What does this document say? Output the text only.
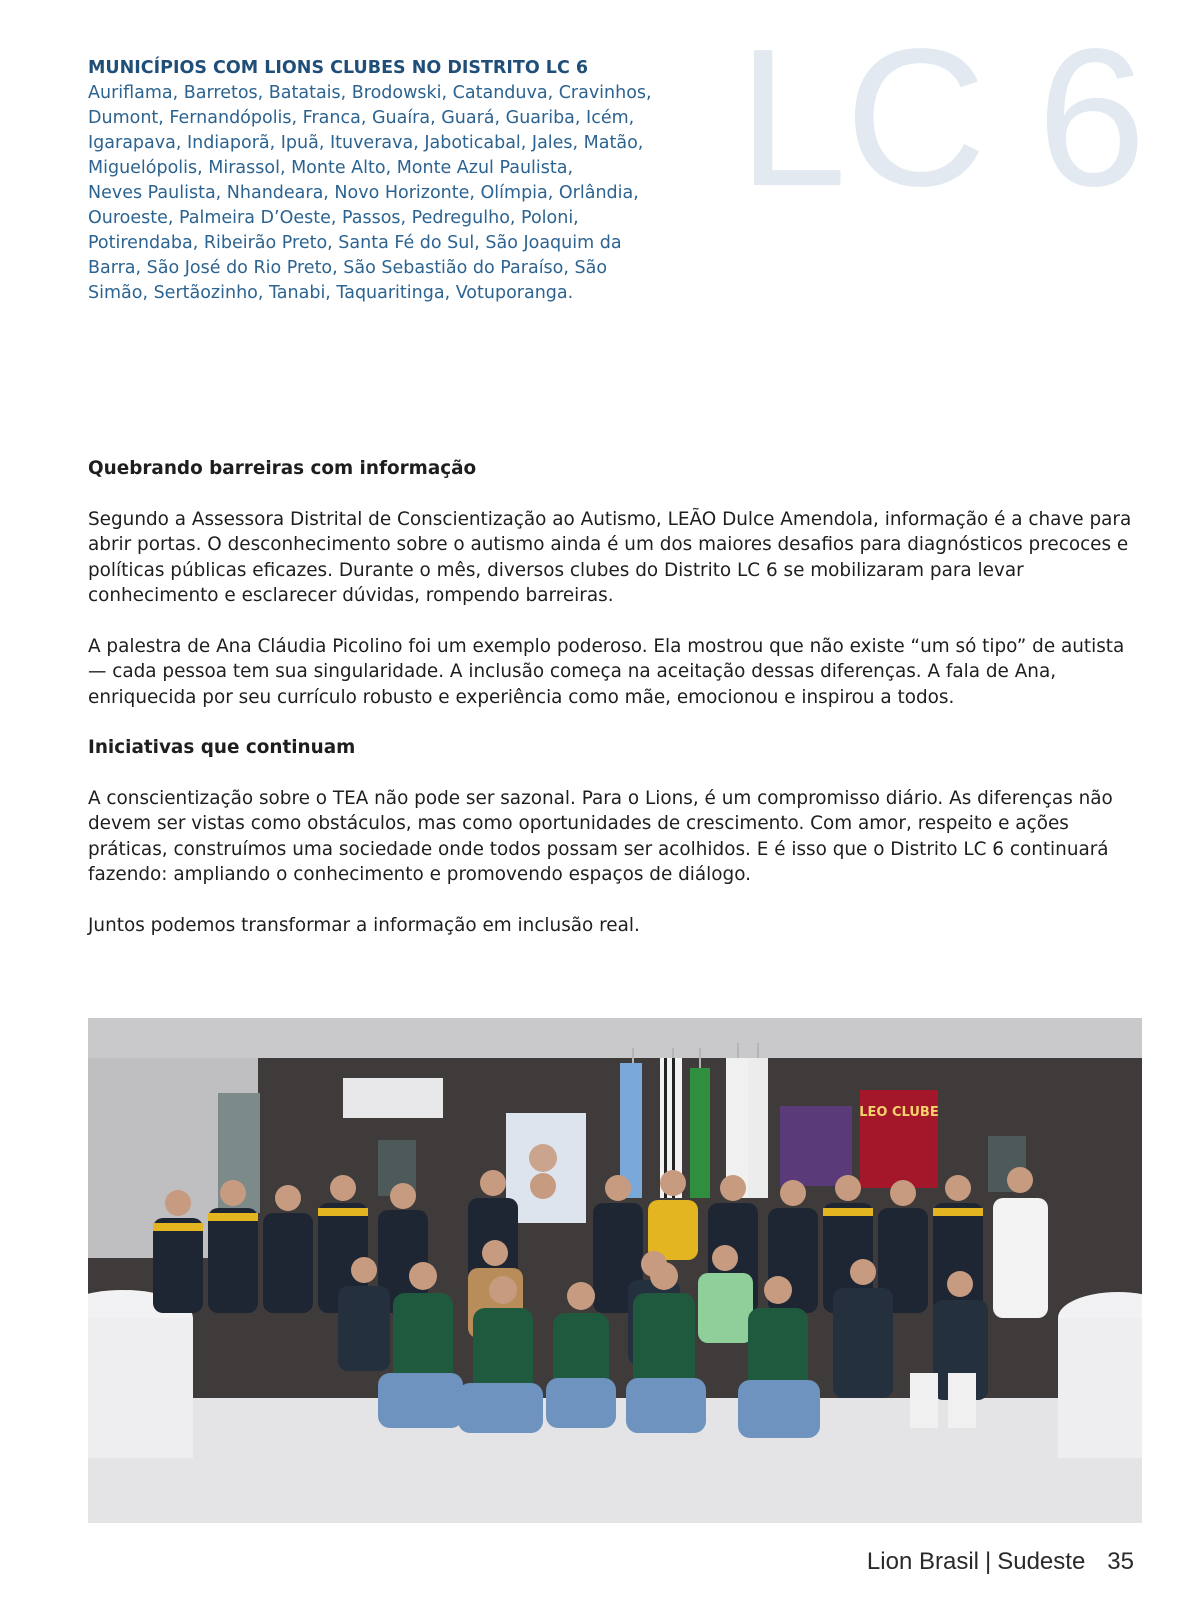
LC 6
MUNICÍPIOS COM LIONS CLUBES NO DISTRITO LC 6
Auriflama, Barretos, Batatais, Brodowski, Catanduva, Cravinhos,
Dumont, Fernandópolis, Franca, Guaíra, Guará, Guariba, Icém,
Igarapava, Indiaporã, Ipuã, Ituverava, Jaboticabal, Jales, Matão,
Miguelópolis, Mirassol, Monte Alto, Monte Azul Paulista,
Neves Paulista, Nhandeara, Novo Horizonte, Olímpia, Orlândia,
Ouroeste, Palmeira D’Oeste, Passos, Pedregulho, Poloni,
Potirendaba, Ribeirão Preto, Santa Fé do Sul, São Joaquim da
Barra, São José do Rio Preto, São Sebastião do Paraíso, São
Simão, Sertãozinho, Tanabi, Taquaritinga, Votuporanga.
Quebrando barreiras com informação

Segundo a Assessora Distrital de Conscientização ao Autismo, LEÃO Dulce Amendola, informação é a chave para abrir portas. O desconhecimento sobre o autismo ainda é um dos maiores desafios para diagnósticos precoces e políticas públicas eficazes. Durante o mês, diversos clubes do Distrito LC 6 se mobilizaram para levar conhecimento e esclarecer dúvidas, rompendo barreiras.

A palestra de Ana Cláudia Picolino foi um exemplo poderoso. Ela mostrou que não existe “um só tipo” de autista — cada pessoa tem sua singularidade. A inclusão começa na aceitação dessas diferenças. A fala de Ana, enriquecida por seu currículo robusto e experiência como mãe, emocionou e inspirou a todos.

Iniciativas que continuam

A conscientização sobre o TEA não pode ser sazonal. Para o Lions, é um compromisso diário. As diferenças não devem ser vistas como obstáculos, mas como oportunidades de crescimento. Com amor, respeito e ações práticas, construímos uma sociedade onde todos possam ser acolhidos. E é isso que o Distrito LC 6 continuará fazendo: ampliando o conhecimento e promovendo espaços de diálogo.

Juntos podemos transformar a informação em inclusão real.

LEO CLUBE
Lion Brasil | Sudeste 35
